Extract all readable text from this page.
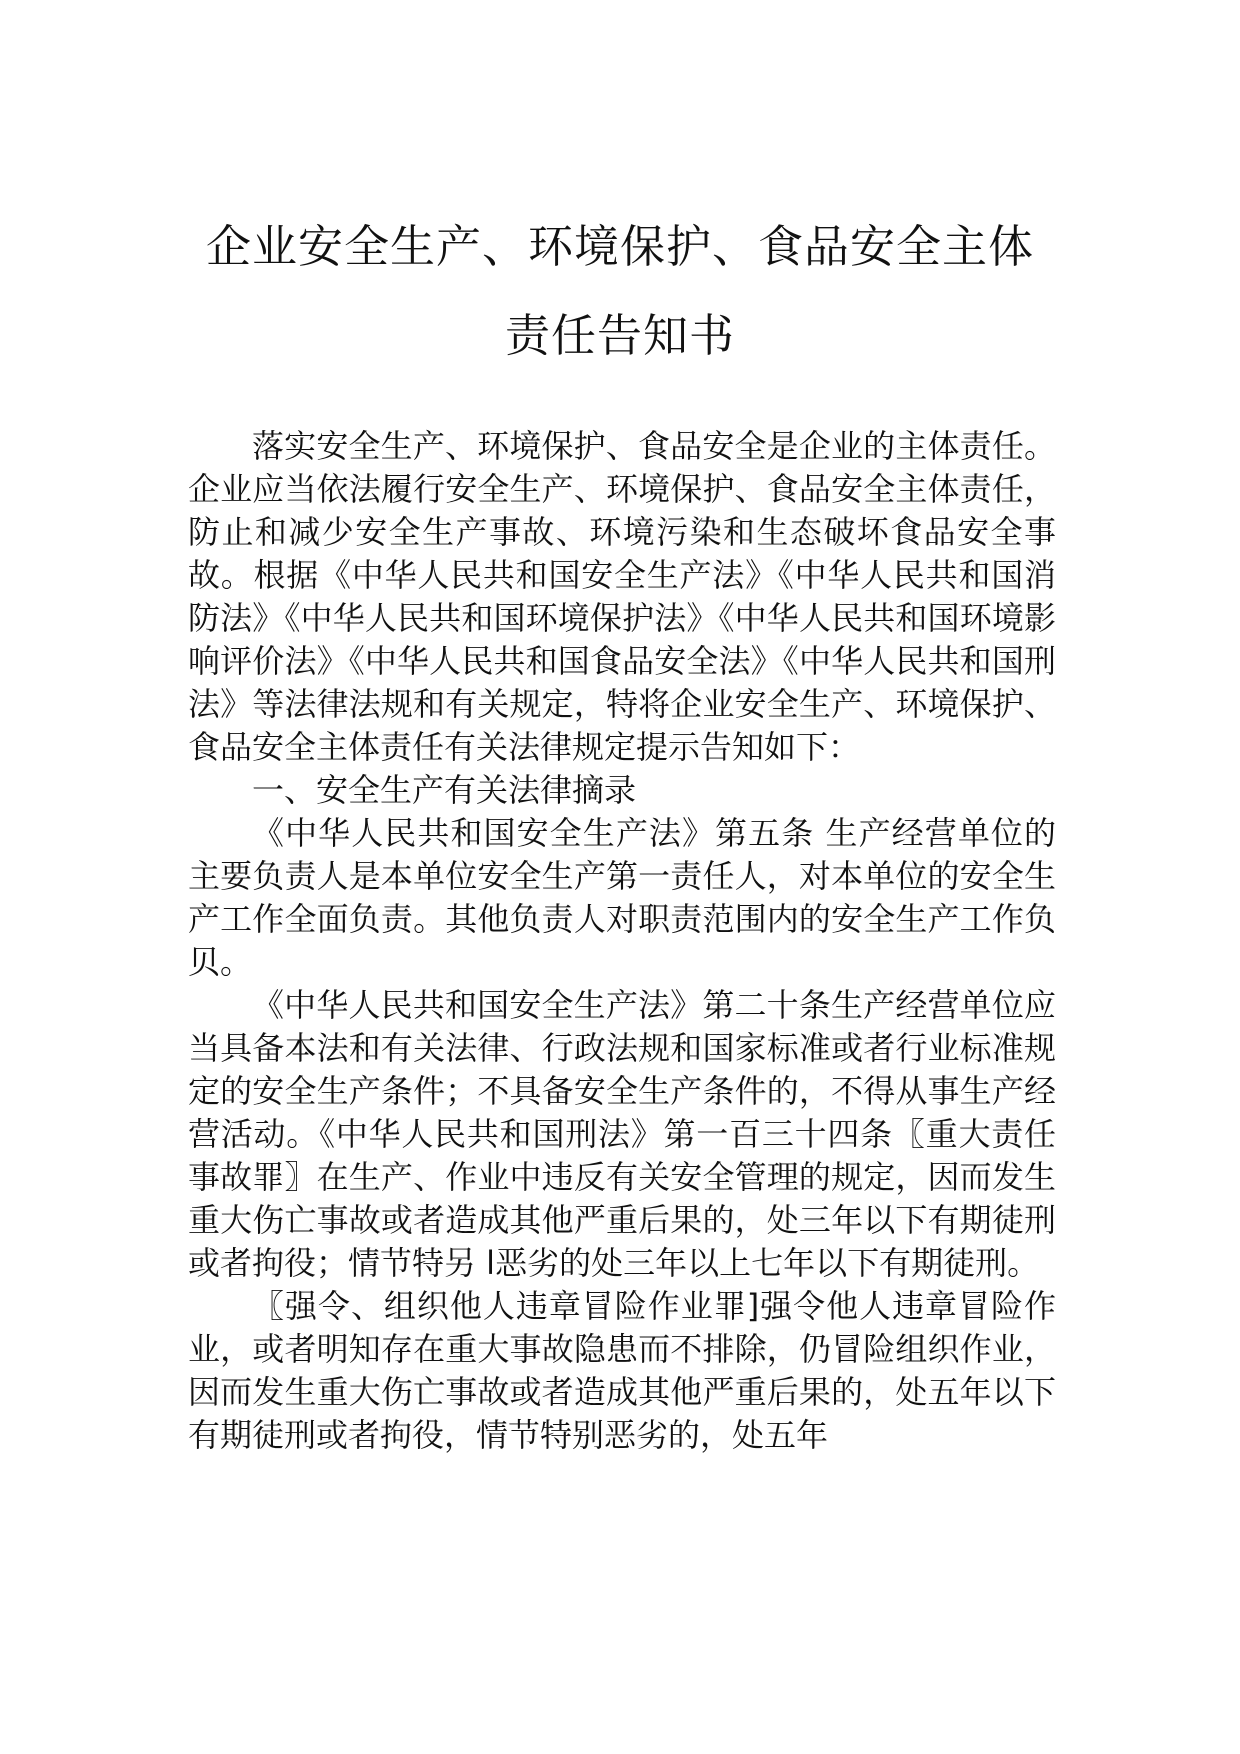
企业安全生产、环境保护、食品安全主体
责任告知书

落实安全生产、环境保护、食品安全是企业的主体责任。企业应当依法履行安全生产、环境保护、食品安全主体责任，防止和减少安全生产事故、环境污染和生态破坏食品安全事故。根据《中华人民共和国安全生产法》《中华人民共和国消防法》《中华人民共和国环境保护法》《中华人民共和国环境影响评价法》《中华人民共和国食品安全法》《中华人民共和国刑法》等法律法规和有关规定，特将企业安全生产、环境保护、食品安全主体责任有关法律规定提示告知如下：

一、安全生产有关法律摘录

《中华人民共和国安全生产法》第五条 生产经营单位的主要负责人是本单位安全生产第一责任人，对本单位的安全生产工作全面负责。其他负责人对职责范围内的安全生产工作负贝。

《中华人民共和国安全生产法》第二十条生产经营单位应当具备本法和有关法律、行政法规和国家标准或者行业标准规定的安全生产条件；不具备安全生产条件的，不得从事生产经营活动。《中华人民共和国刑法》第一百三十四条〖重大责任事故罪〗在生产、作业中违反有关安全管理的规定，因而发生重大伤亡事故或者造成其他严重后果的，处三年以下有期徒刑或者拘役；情节特另 l恶劣的处三年以上七年以下有期徒刑。

〖强令、组织他人违章冒险作业罪]强令他人违章冒险作业，或者明知存在重大事故隐患而不排除，仍冒险组织作业，因而发生重大伤亡事故或者造成其他严重后果的，处五年以下有期徒刑或者拘役，情节特别恶劣的，处五年
